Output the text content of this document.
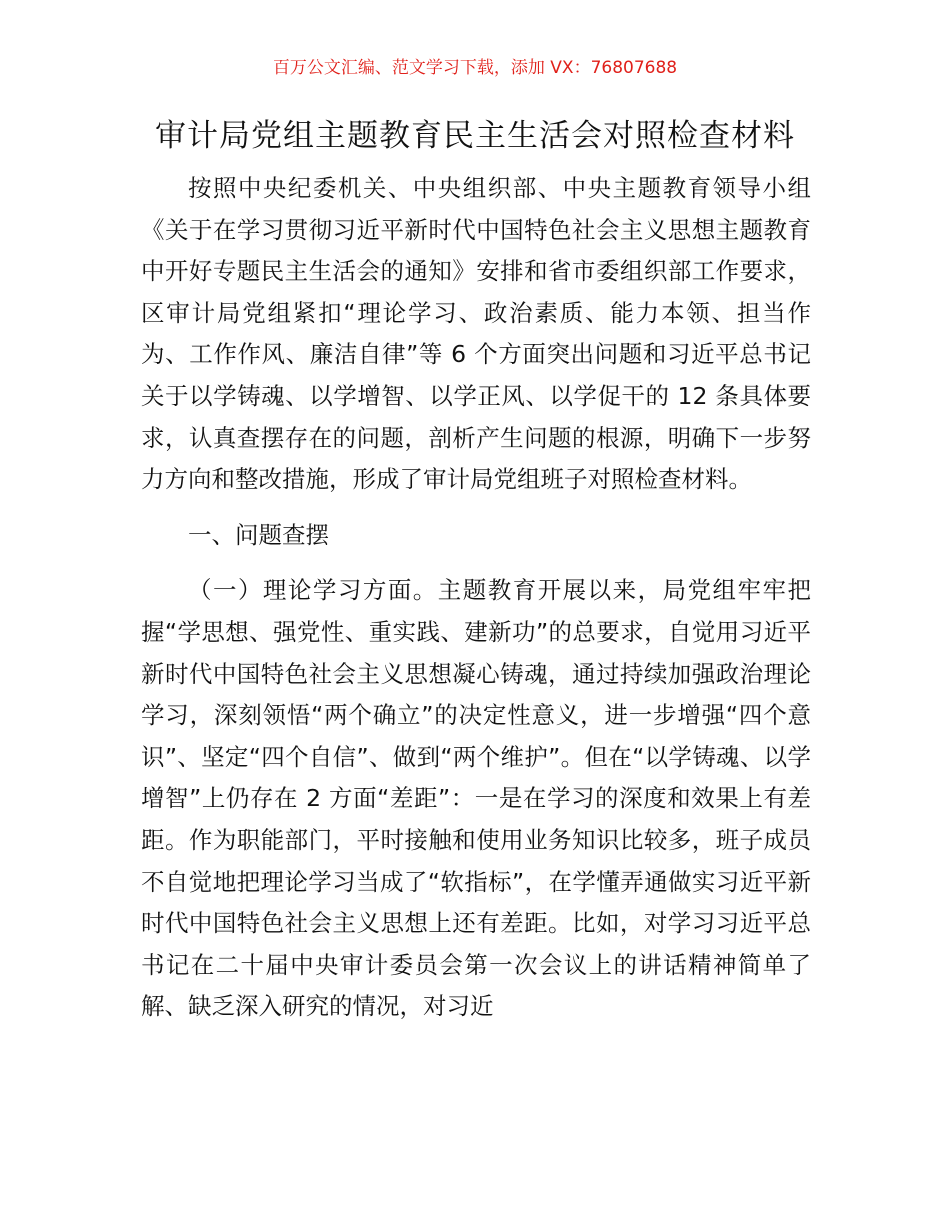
百万公文汇编、范文学习下载，添加 VX：76807688
审计局党组主题教育民主生活会对照检查材料

按照中央纪委机关、中央组织部、中央主题教育领导小组《关于在学习贯彻习近平新时代中国特色社会主义思想主题教育中开好专题民主生活会的通知》安排和省市委组织部工作要求，区审计局党组紧扣“理论学习、政治素质、能力本领、担当作为、工作作风、廉洁自律”等 6 个方面突出问题和习近平总书记关于以学铸魂、以学增智、以学正风、以学促干的 12 条具体要求，认真查摆存在的问题，剖析产生问题的根源，明确下一步努力方向和整改措施，形成了审计局党组班子对照检查材料。

一、问题查摆

（一）理论学习方面。主题教育开展以来，局党组牢牢把握“学思想、强党性、重实践、建新功”的总要求，自觉用习近平新时代中国特色社会主义思想凝心铸魂，通过持续加强政治理论学习，深刻领悟“两个确立”的决定性意义，进一步增强“四个意识”、坚定“四个自信”、做到“两个维护”。但在“以学铸魂、以学增智”上仍存在 2 方面“差距”：一是在学习的深度和效果上有差距。作为职能部门，平时接触和使用业务知识比较多，班子成员不自觉地把理论学习当成了“软指标”，在学懂弄通做实习近平新时代中国特色社会主义思想上还有差距。比如，对学习习近平总书记在二十届中央审计委员会第一次会议上的讲话精神简单了解、缺乏深入研究的情况，对习近
